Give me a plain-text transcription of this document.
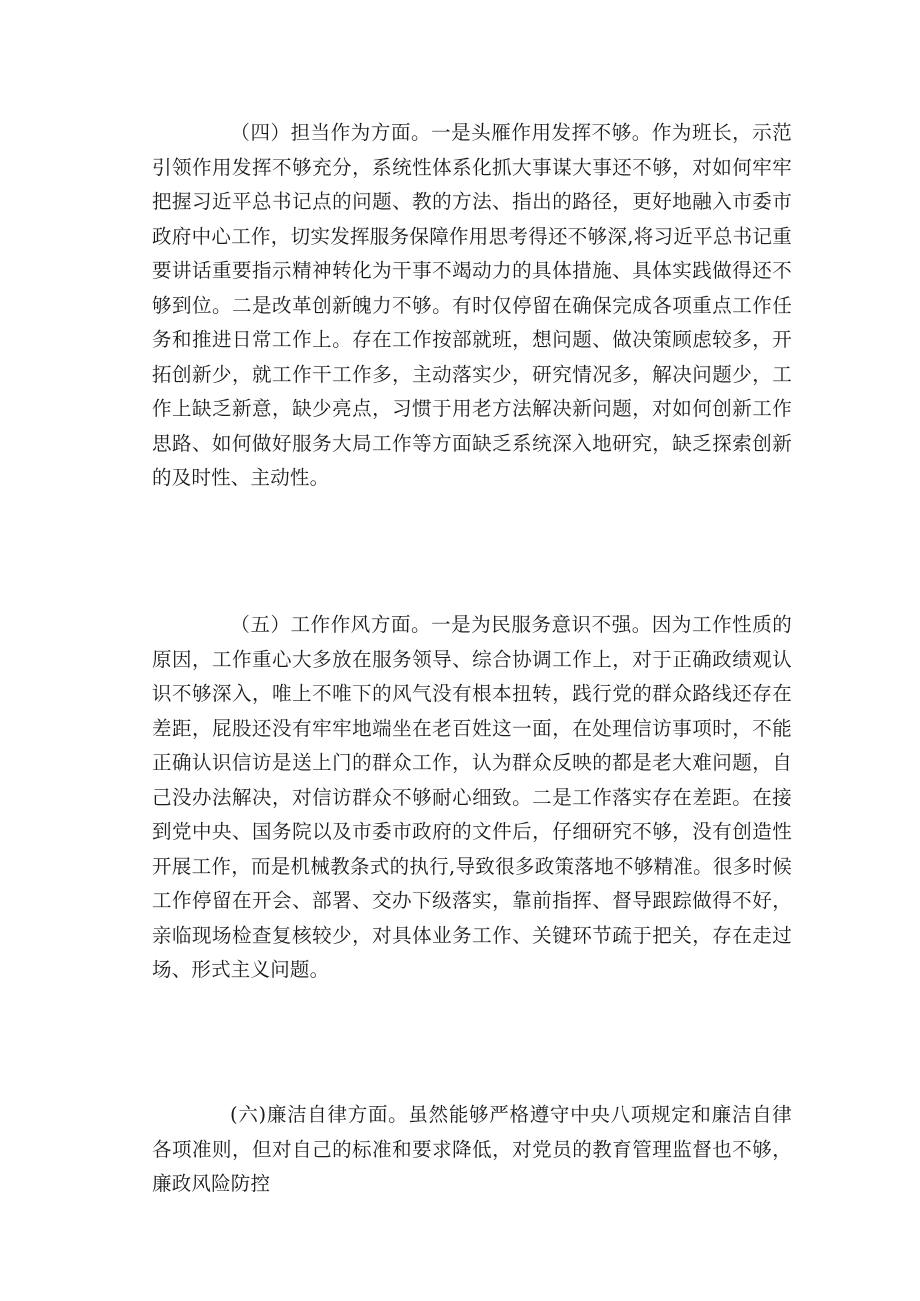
（四）担当作为方面。一是头雁作用发挥不够。作为班长，示范引领作用发挥不够充分，系统性体系化抓大事谋大事还不够，对如何牢牢把握习近平总书记点的问题、教的方法、指出的路径，更好地融入市委市政府中心工作，切实发挥服务保障作用思考得还不够深,将习近平总书记重要讲话重要指示精神转化为干事不竭动力的具体措施、具体实践做得还不够到位。二是改革创新魄力不够。有时仅停留在确保完成各项重点工作任务和推进日常工作上。存在工作按部就班，想问题、做决策顾虑较多，开拓创新少，就工作干工作多，主动落实少，研究情况多，解决问题少，工作上缺乏新意，缺少亮点，习惯于用老方法解决新问题，对如何创新工作思路、如何做好服务大局工作等方面缺乏系统深入地研究，缺乏探索创新的及时性、主动性。

（五）工作作风方面。一是为民服务意识不强。因为工作性质的原因，工作重心大多放在服务领导、综合协调工作上，对于正确政绩观认识不够深入，唯上不唯下的风气没有根本扭转，践行党的群众路线还存在差距，屁股还没有牢牢地端坐在老百姓这一面，在处理信访事项时，不能正确认识信访是送上门的群众工作，认为群众反映的都是老大难问题，自己没办法解决，对信访群众不够耐心细致。二是工作落实存在差距。在接到党中央、国务院以及市委市政府的文件后，仔细研究不够，没有创造性开展工作，而是机械教条式的执行,导致很多政策落地不够精准。很多时候工作停留在开会、部署、交办下级落实，靠前指挥、督导跟踪做得不好，亲临现场检查复核较少，对具体业务工作、关键环节疏于把关，存在走过场、形式主义问题。

(六)廉洁自律方面。虽然能够严格遵守中央八项规定和廉洁自律各项准则，但对自己的标准和要求降低，对党员的教育管理监督也不够，廉政风险防控
